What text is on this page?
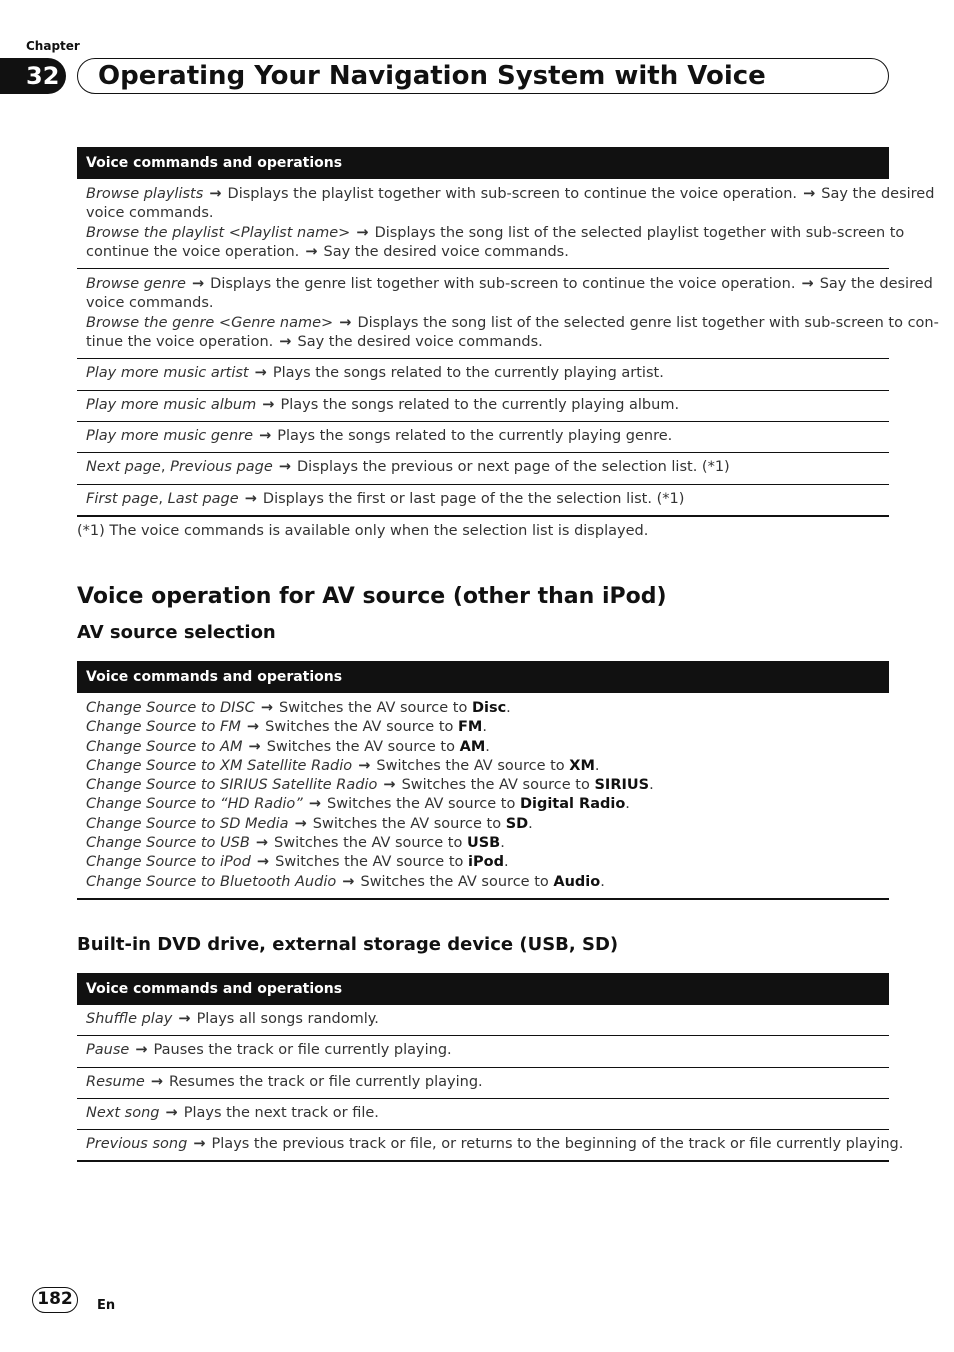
Chapter
32 Operating Your Navigation System with Voice
Voice commands and operations
Browse playlists → Displays the playlist together with sub-screen to continue the voice operation. → Say the desired
voice commands.
Browse the playlist <Playlist name> → Displays the song list of the selected playlist together with sub-screen to
continue the voice operation. → Say the desired voice commands.
Browse genre → Displays the genre list together with sub-screen to continue the voice operation. → Say the desired
voice commands.
Browse the genre <Genre name> → Displays the song list of the selected genre list together with sub-screen to con-
tinue the voice operation. → Say the desired voice commands.
Play more music artist → Plays the songs related to the currently playing artist.
Play more music album → Plays the songs related to the currently playing album.
Play more music genre → Plays the songs related to the currently playing genre.
Next page, Previous page → Displays the previous or next page of the selection list. (*1)
First page, Last page → Displays the first or last page of the the selection list. (*1)
(*1) The voice commands is available only when the selection list is displayed.
Voice operation for AV source (other than iPod)
AV source selection
Voice commands and operations
Change Source to DISC → Switches the AV source to Disc.
Change Source to FM → Switches the AV source to FM.
Change Source to AM → Switches the AV source to AM.
Change Source to XM Satellite Radio → Switches the AV source to XM.
Change Source to SIRIUS Satellite Radio → Switches the AV source to SIRIUS.
Change Source to “HD Radio” → Switches the AV source to Digital Radio.
Change Source to SD Media → Switches the AV source to SD.
Change Source to USB → Switches the AV source to USB.
Change Source to iPod → Switches the AV source to iPod.
Change Source to Bluetooth Audio → Switches the AV source to Audio.
Built-in DVD drive, external storage device (USB, SD)
Voice commands and operations
Shuffle play → Plays all songs randomly.
Pause → Pauses the track or file currently playing.
Resume → Resumes the track or file currently playing.
Next song → Plays the next track or file.
Previous song → Plays the previous track or file, or returns to the beginning of the track or file currently playing.
182	En
